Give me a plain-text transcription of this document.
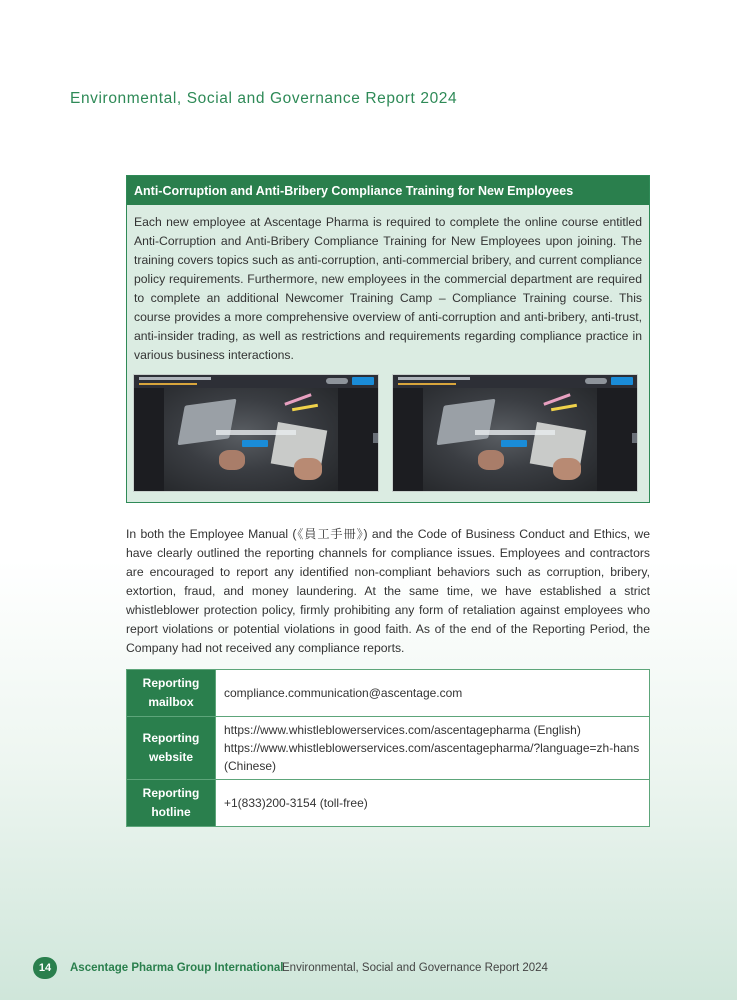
Environmental, Social and Governance Report 2024
Anti-Corruption and Anti-Bribery Compliance Training for New Employees
Each new employee at Ascentage Pharma is required to complete the online course entitled Anti-Corruption and Anti-Bribery Compliance Training for New Employees upon joining. The training covers topics such as anti-corruption, anti-commercial bribery, and current compliance policy requirements. Furthermore, new employees in the commercial department are required to complete an additional Newcomer Training Camp – Compliance Training course. This course provides a more comprehensive overview of anti-corruption and anti-bribery, anti-trust, anti-insider trading, as well as restrictions and requirements regarding compliance practice in various business interactions.

In both the Employee Manual (《員工手冊》) and the Code of Business Conduct and Ethics, we have clearly outlined the reporting channels for compliance issues. Employees and contractors are encouraged to report any identified non-compliant behaviors such as corruption, bribery, extortion, fraud, and money laundering. At the same time, we have established a strict whistleblower protection policy, firmly prohibiting any form of retaliation against employees who report violations or potential violations in good faith. As of the end of the Reporting Period, the Company had not received any compliance reports.

Reporting mailbox	compliance.communication@ascentage.com

Reporting website	https://www.whistleblowerservices.com/ascentagepharma (English)
https://www.whistleblowerservices.com/ascentagepharma/?language=zh-hans (Chinese)

Reporting hotline	+1(833)200-3154 (toll-free)
14	Ascentage Pharma Group International
Environmental, Social and Governance Report 2024
